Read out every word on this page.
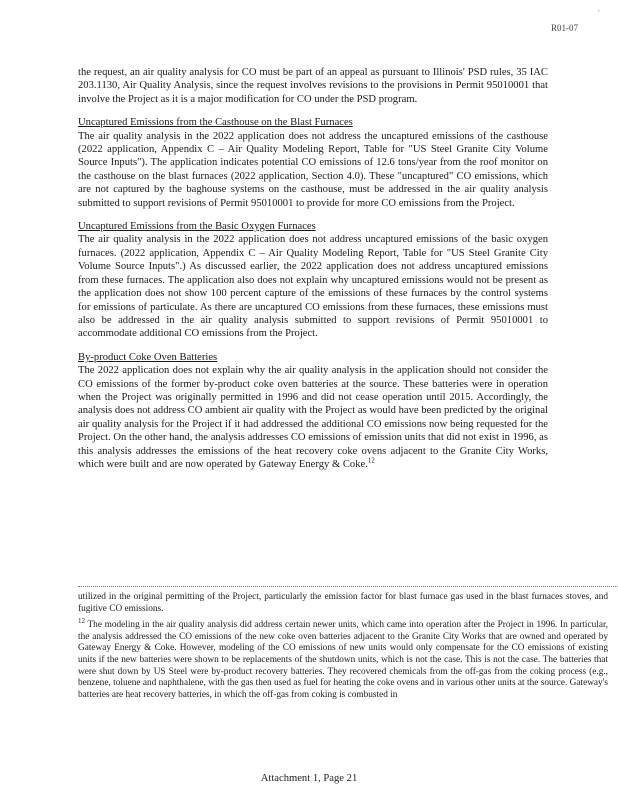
`
R01-07

the request, an air quality analysis for CO must be part of an appeal as pursuant to Illinois' PSD rules, 35 IAC 203.1130, Air Quality Analysis, since the request involves revisions to the provisions in Permit 95010001 that involve the Project as it is a major modification for CO under the PSD program.

Uncaptured Emissions from the Casthouse on the Blast Furnaces
The air quality analysis in the 2022 application does not address the uncaptured emissions of the casthouse (2022 application, Appendix C – Air Quality Modeling Report, Table for "US Steel Granite City Volume Source Inputs"). The application indicates potential CO emissions of 12.6 tons/year from the roof monitor on the casthouse on the blast furnaces (2022 application, Section 4.0). These "uncaptured" CO emissions, which are not captured by the baghouse systems on the casthouse, must be addressed in the air quality analysis submitted to support revisions of Permit 95010001 to provide for more CO emissions from the Project.

Uncaptured Emissions from the Basic Oxygen Furnaces
The air quality analysis in the 2022 application does not address uncaptured emissions of the basic oxygen furnaces. (2022 application, Appendix C – Air Quality Modeling Report, Table for "US Steel Granite City Volume Source Inputs".) As discussed earlier, the 2022 application does not address uncaptured emissions from these furnaces. The application also does not explain why uncaptured emissions would not be present as the application does not show 100 percent capture of the emissions of these furnaces by the control systems for emissions of particulate. As there are uncaptured CO emissions from these furnaces, these emissions must also be addressed in the air quality analysis submitted to support revisions of Permit 95010001 to accommodate additional CO emissions from the Project.

By-product Coke Oven Batteries
The 2022 application does not explain why the air quality analysis in the application should not consider the CO emissions of the former by-product coke oven batteries at the source. These batteries were in operation when the Project was originally permitted in 1996 and did not cease operation until 2015. Accordingly, the analysis does not address CO ambient air quality with the Project as would have been predicted by the original air quality analysis for the Project if it had addressed the additional CO emissions now being requested for the Project. On the other hand, the analysis addresses CO emissions of emission units that did not exist in 1996, as this analysis addresses the emissions of the heat recovery coke ovens adjacent to the Granite City Works, which were built and are now operated by Gateway Energy & Coke.$^{12}$

utilized in the original permitting of the Project, particularly the emission factor for blast furnace gas used in the blast furnaces stoves, and fugitive CO emissions.

$^{12}$ The modeling in the air quality analysis did address certain newer units, which came into operation after the Project in 1996. In particular, the analysis addressed the CO emissions of the new coke oven batteries adjacent to the Granite City Works that are owned and operated by Gateway Energy & Coke. However, modeling of the CO emissions of new units would only compensate for the CO emissions of existing units if the new batteries were shown to be replacements of the shutdown units, which is not the case. This is not the case. The batteries that were shut down by US Steel were by-product recovery batteries. They recovered chemicals from the off-gas from the coking process (e.g., benzene, toluene and naphthalene, with the gas then used as fuel for heating the coke ovens and in various other units at the source. Gateway's batteries are heat recovery batteries, in which the off-gas from coking is combusted in

Attachment 1, Page 21
